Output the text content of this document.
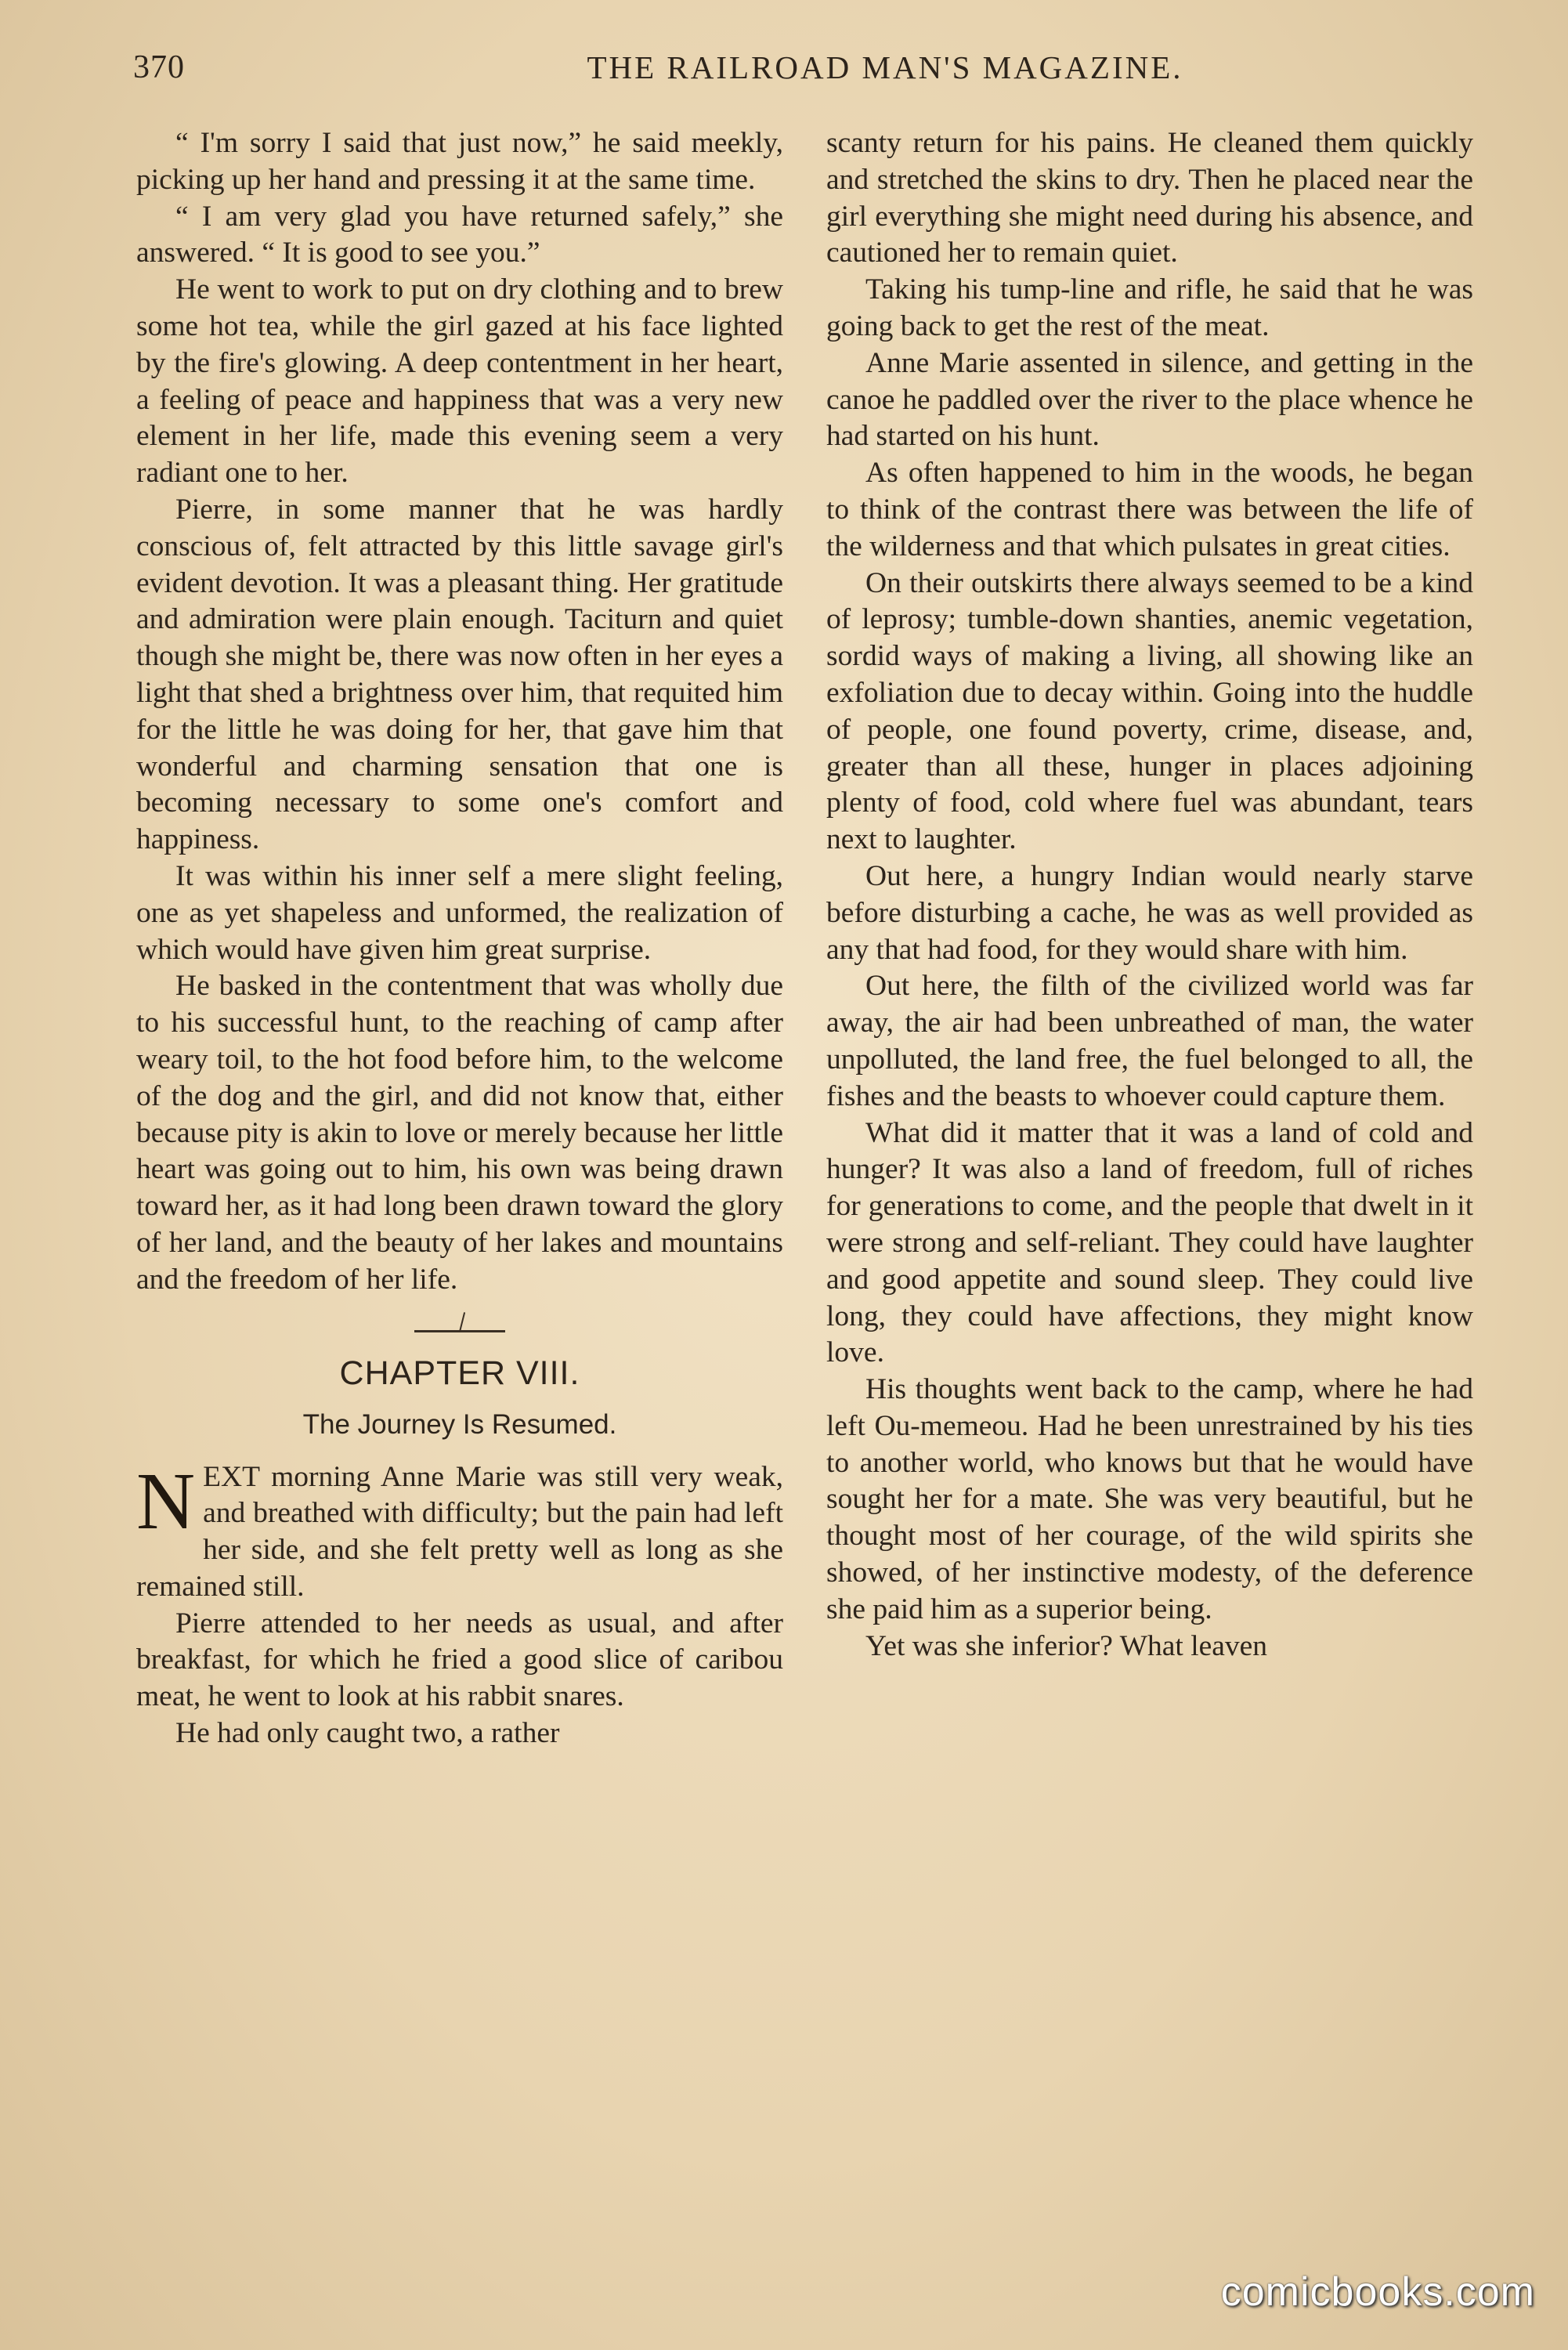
370	THE RAILROAD MAN'S MAGAZINE.

“ I'm sorry I said that just now,” he said meekly, picking up her hand and pressing it at the same time.

“ I am very glad you have returned safely,” she answered. “ It is good to see you.”

He went to work to put on dry clothing and to brew some hot tea, while the girl gazed at his face lighted by the fire's glowing. A deep contentment in her heart, a feeling of peace and happiness that was a very new element in her life, made this evening seem a very radiant one to her.

Pierre, in some manner that he was hardly conscious of, felt attracted by this little savage girl's evident devotion. It was a pleasant thing. Her gratitude and admiration were plain enough. Taciturn and quiet though she might be, there was now often in her eyes a light that shed a brightness over him, that requited him for the little he was doing for her, that gave him that wonderful and charming sensation that one is becoming necessary to some one's comfort and happiness.

It was within his inner self a mere slight feeling, one as yet shapeless and unformed, the realization of which would have given him great surprise.

He basked in the contentment that was wholly due to his successful hunt, to the reaching of camp after weary toil, to the hot food before him, to the welcome of the dog and the girl, and did not know that, either because pity is akin to love or merely because her little heart was going out to him, his own was being drawn toward her, as it had long been drawn toward the glory of her land, and the beauty of her lakes and mountains and the freedom of her life.

CHAPTER VIII.
The Journey Is Resumed.

NEXT morning Anne Marie was still very weak, and breathed with difficulty; but the pain had left her side, and she felt pretty well as long as she remained still.

Pierre attended to her needs as usual, and after breakfast, for which he fried a good slice of caribou meat, he went to look at his rabbit snares.

He had only caught two, a rather

scanty return for his pains. He cleaned them quickly and stretched the skins to dry. Then he placed near the girl everything she might need during his absence, and cautioned her to remain quiet.

Taking his tump-line and rifle, he said that he was going back to get the rest of the meat.

Anne Marie assented in silence, and getting in the canoe he paddled over the river to the place whence he had started on his hunt.

As often happened to him in the woods, he began to think of the contrast there was between the life of the wilderness and that which pulsates in great cities.

On their outskirts there always seemed to be a kind of leprosy; tumble-down shanties, anemic vegetation, sordid ways of making a living, all showing like an exfoliation due to decay within. Going into the huddle of people, one found poverty, crime, disease, and, greater than all these, hunger in places adjoining plenty of food, cold where fuel was abundant, tears next to laughter.

Out here, a hungry Indian would nearly starve before disturbing a cache, he was as well provided as any that had food, for they would share with him.

Out here, the filth of the civilized world was far away, the air had been unbreathed of man, the water unpolluted, the land free, the fuel belonged to all, the fishes and the beasts to whoever could capture them.

What did it matter that it was a land of cold and hunger? It was also a land of freedom, full of riches for generations to come, and the people that dwelt in it were strong and self-reliant. They could have laughter and good appetite and sound sleep. They could live long, they could have affections, they might know love.

His thoughts went back to the camp, where he had left Ou-memeou. Had he been unrestrained by his ties to another world, who knows but that he would have sought her for a mate. She was very beautiful, but he thought most of her courage, of the wild spirits she showed, of her instinctive modesty, of the deference she paid him as a superior being.

Yet was she inferior? What leaven

comicbooks.com
